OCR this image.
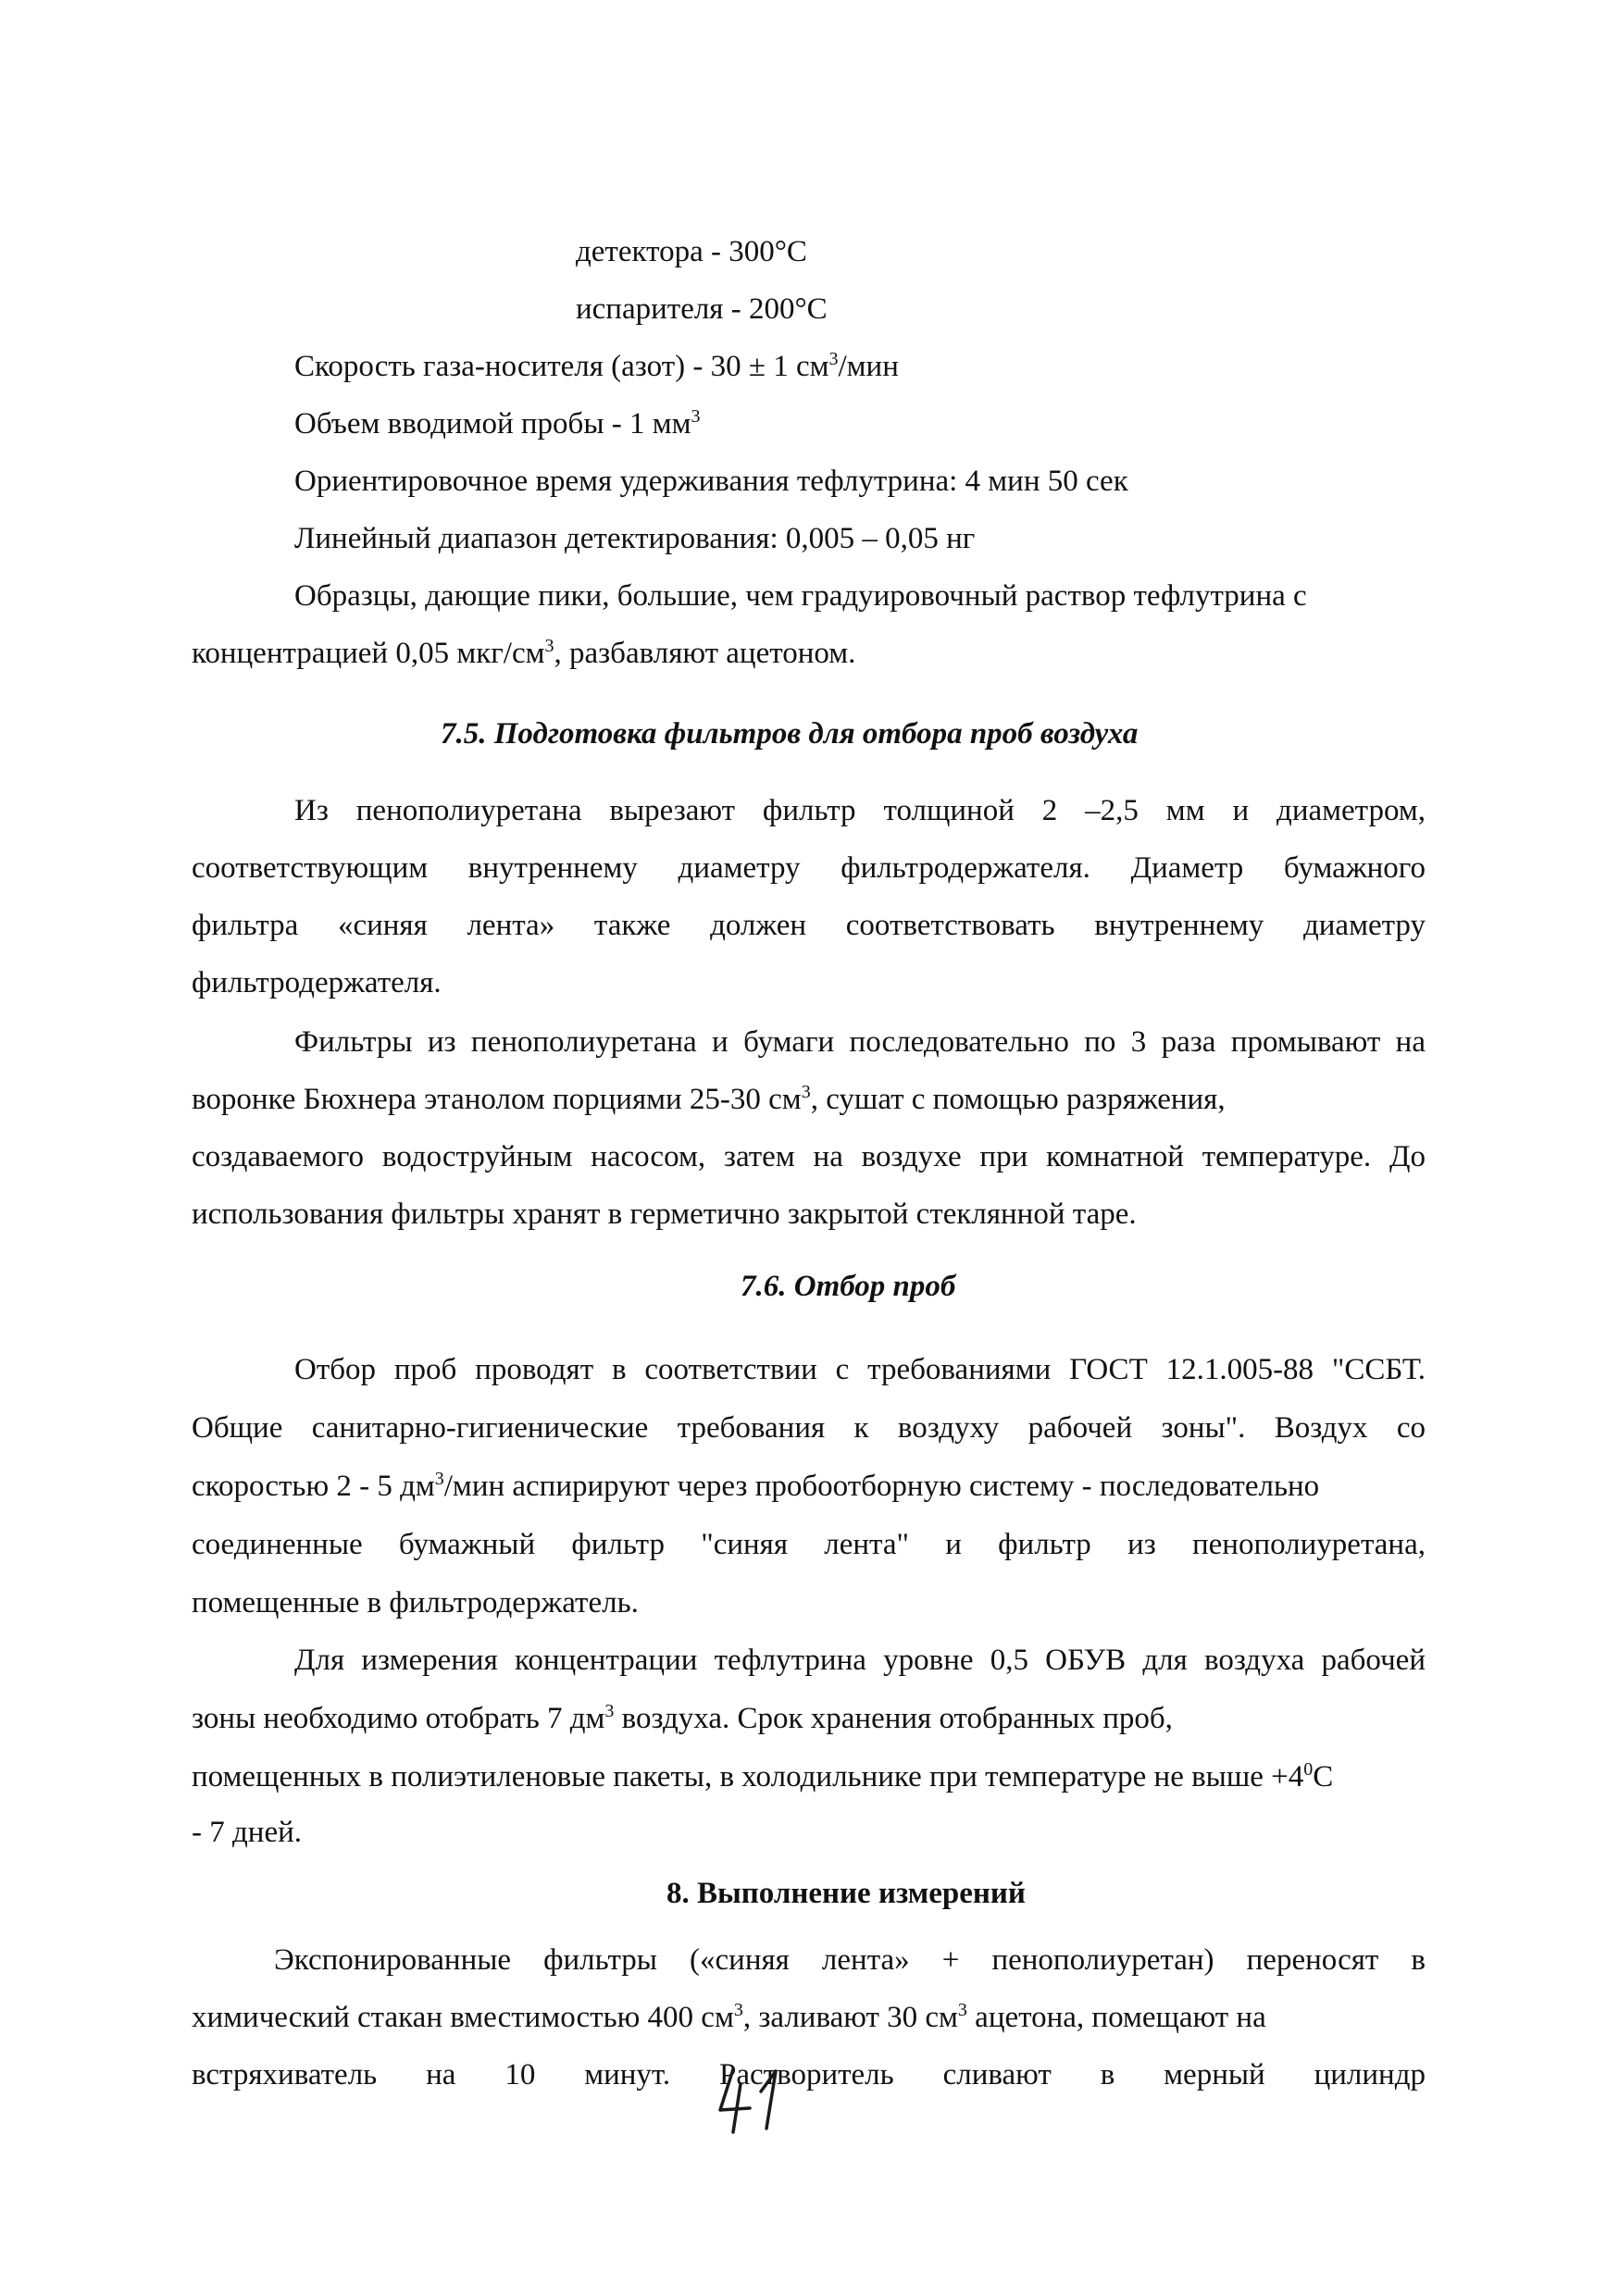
детектора - 300°С

испарителя - 200°С

Скорость газа-носителя (азот) - 30 ± 1 $см^3$/мин

Объем вводимой пробы - 1 $мм^3$

Ориентировочное время удерживания тефлутрина: 4 мин 50 сек

Линейный диапазон детектирования: 0,005 – 0,05 нг

Образцы, дающие пики, большие, чем градуировочный раствор тефлутрина с

концентрацией 0,05 мкг/$см^3$, разбавляют ацетоном.

7.5. Подготовка фильтров для отбора проб воздуха

Из пенополиуретана вырезают фильтр толщиной 2 –2,5 мм и диаметром,

соответствующим внутреннему диаметру фильтродержателя. Диаметр бумажного

фильтра «синяя лента» также должен соответствовать внутреннему диаметру

фильтродержателя.

Фильтры из пенополиуретана и бумаги последовательно по 3 раза промывают на

воронке Бюхнера этанолом порциями 25-30 $см^3$, сушат с помощью разряжения,

создаваемого водоструйным насосом, затем на воздухе при комнатной температуре. До

использования фильтры хранят в герметично закрытой стеклянной таре.

7.6. Отбор проб

Отбор проб проводят в соответствии с требованиями ГОСТ 12.1.005-88 "ССБТ.

Общие санитарно-гигиенические требования к воздуху рабочей зоны". Воздух со

скоростью 2 - 5 $дм^3$/мин аспирируют через пробоотборную систему - последовательно

соединенные бумажный фильтр "синяя лента" и фильтр из пенополиуретана,

помещенные в фильтродержатель.

Для измерения концентрации тефлутрина уровне 0,5 ОБУВ для воздуха рабочей

зоны необходимо отобрать 7 $дм^3$ воздуха. Срок хранения отобранных проб,

помещенных в полиэтиленовые пакеты, в холодильнике при температуре не выше $+4^0С$

- 7 дней.

8. Выполнение измерений

Экспонированные фильтры («синяя лента» + пенополиуретан) переносят в

химический стакан вместимостью 400 $см^3$, заливают 30 $см^3$ ацетона, помещают на

встряхиватель на 10 минут. Растворитель сливают в мерный цилиндр
